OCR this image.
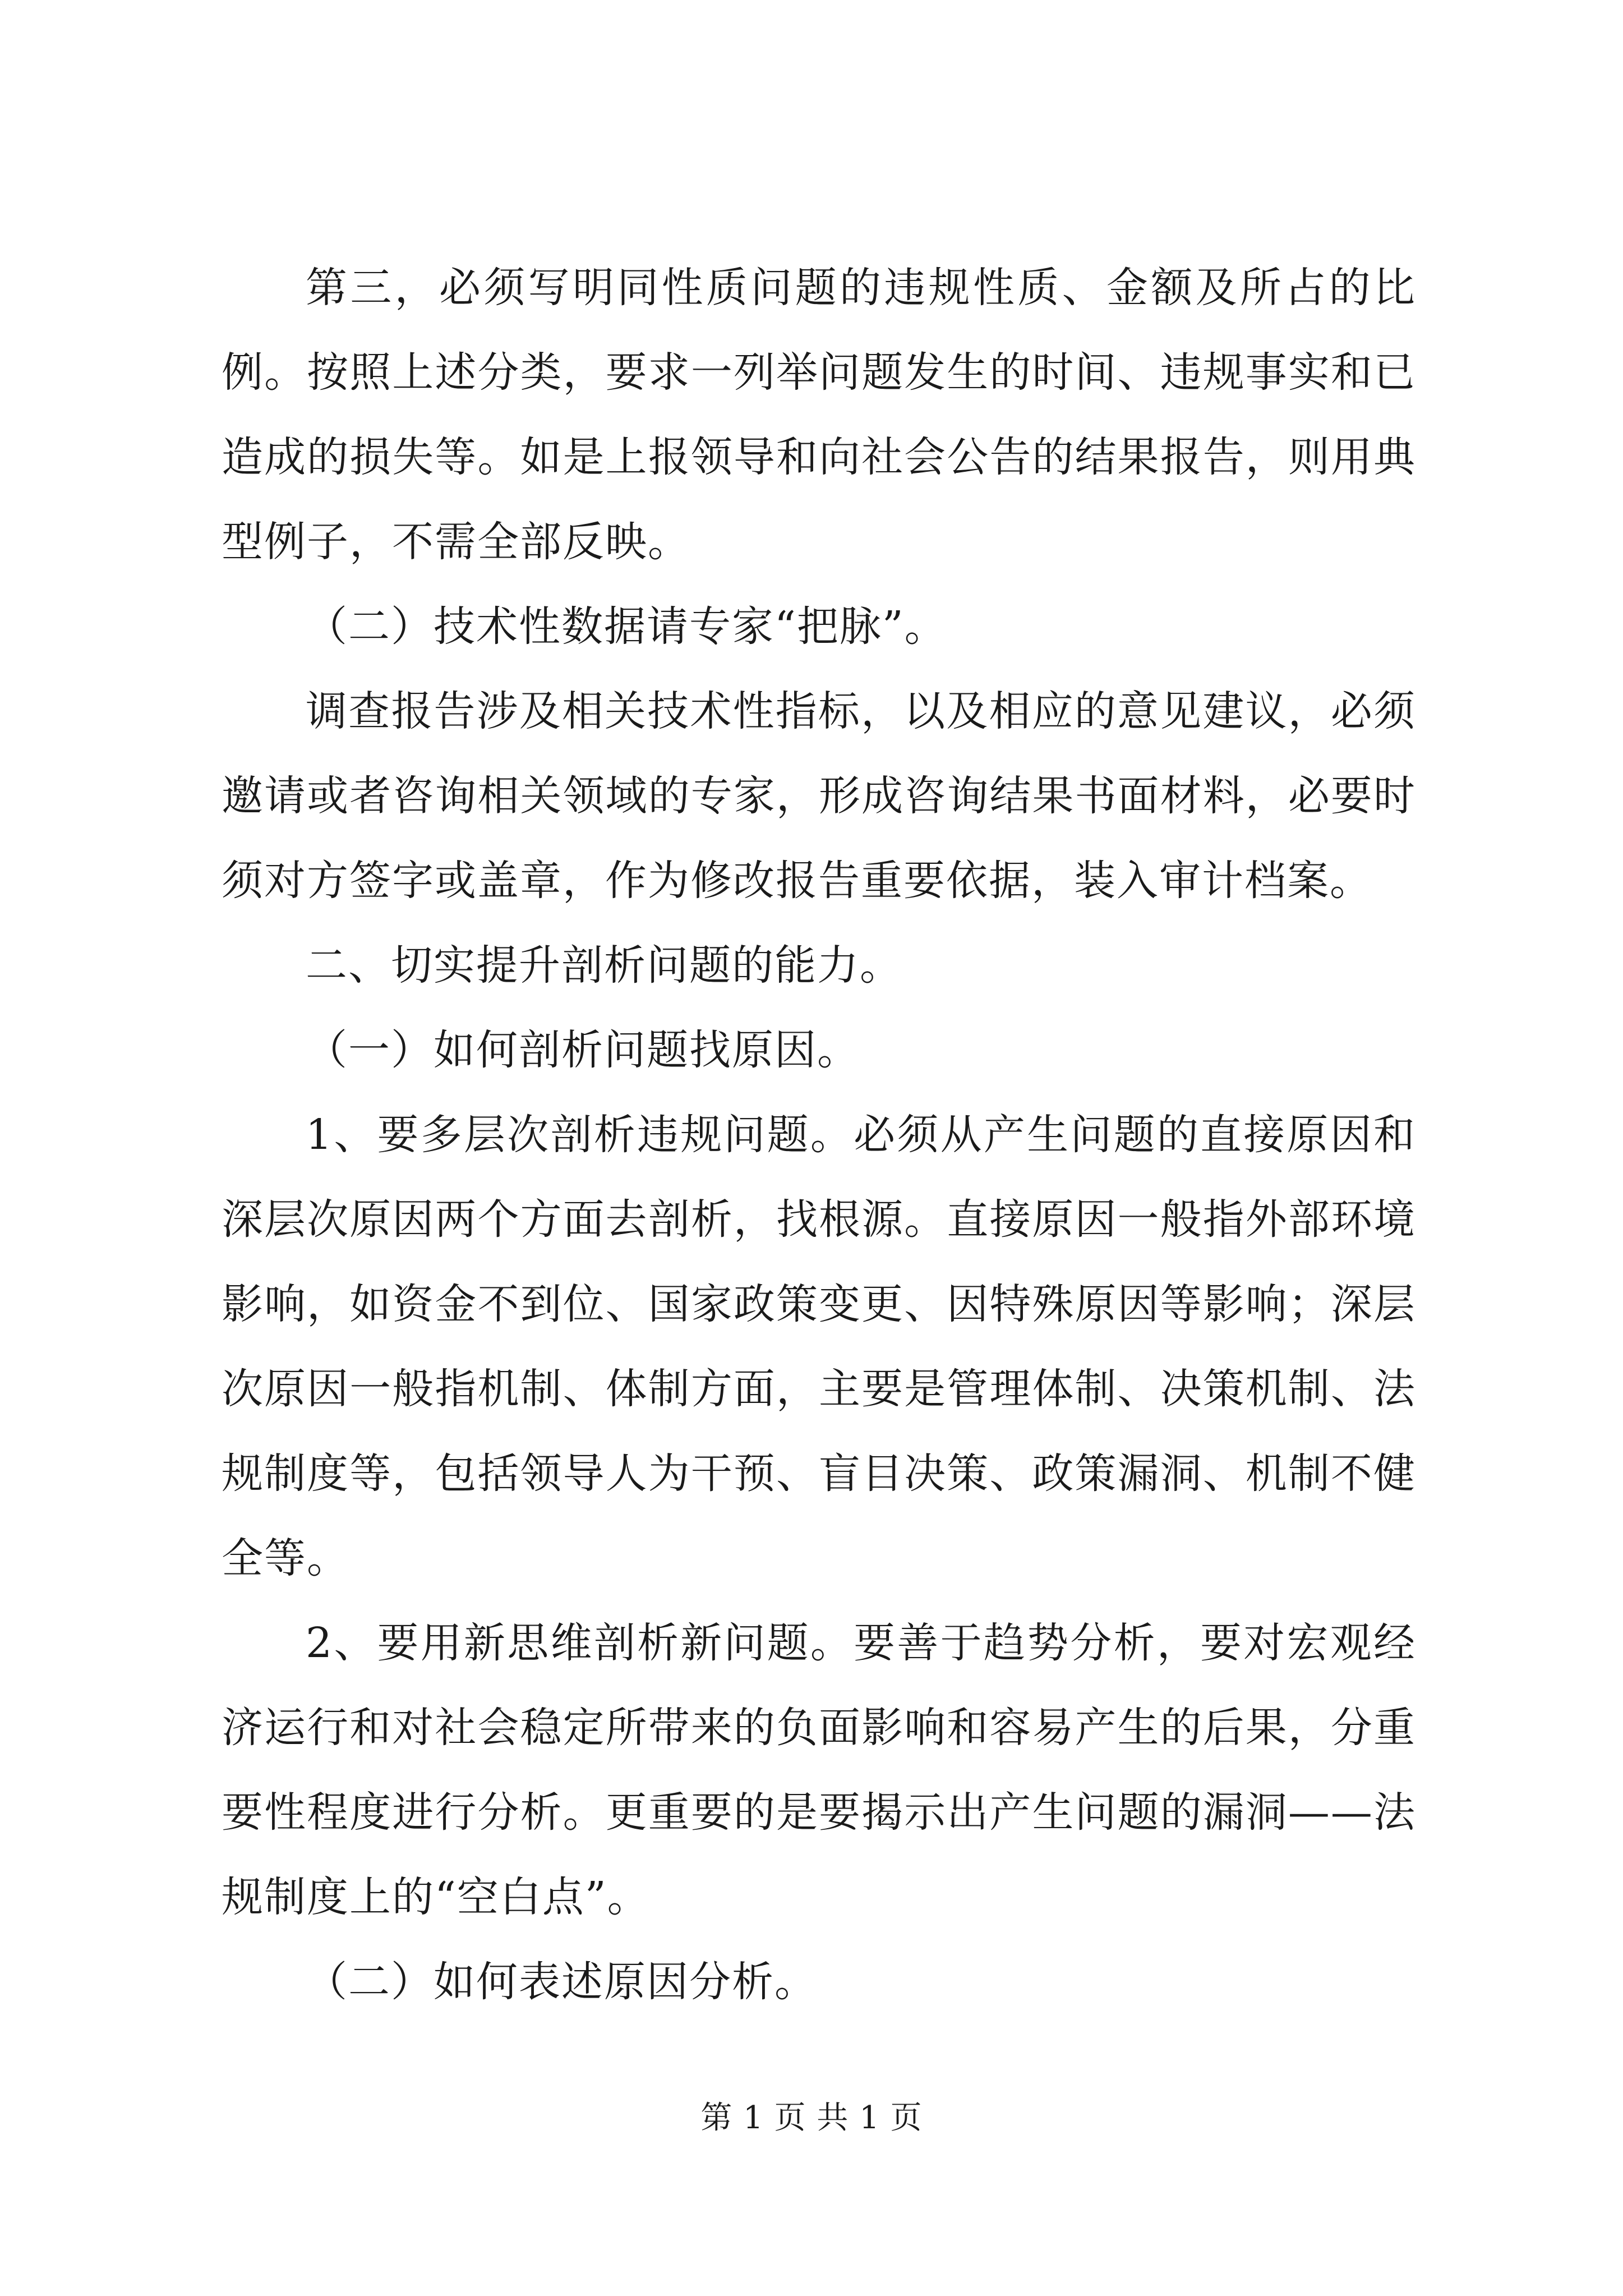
第三，必须写明同性质问题的违规性质、金额及所占的比例。按照上述分类，要求一列举问题发生的时间、违规事实和已造成的损失等。如是上报领导和向社会公告的结果报告，则用典型例子，不需全部反映。

（二）技术性数据请专家“把脉”。

调查报告涉及相关技术性指标，以及相应的意见建议，必须邀请或者咨询相关领域的专家，形成咨询结果书面材料，必要时须对方签字或盖章，作为修改报告重要依据，装入审计档案。

二、切实提升剖析问题的能力。

（一）如何剖析问题找原因。

1、要多层次剖析违规问题。必须从产生问题的直接原因和深层次原因两个方面去剖析，找根源。直接原因一般指外部环境影响，如资金不到位、国家政策变更、因特殊原因等影响；深层次原因一般指机制、体制方面，主要是管理体制、决策机制、法规制度等，包括领导人为干预、盲目决策、政策漏洞、机制不健全等。

2、要用新思维剖析新问题。要善于趋势分析，要对宏观经济运行和对社会稳定所带来的负面影响和容易产生的后果，分重要性程度进行分析。更重要的是要揭示出产生问题的漏洞——法规制度上的“空白点”。

（二）如何表述原因分析。

第 1 页 共 1 页
